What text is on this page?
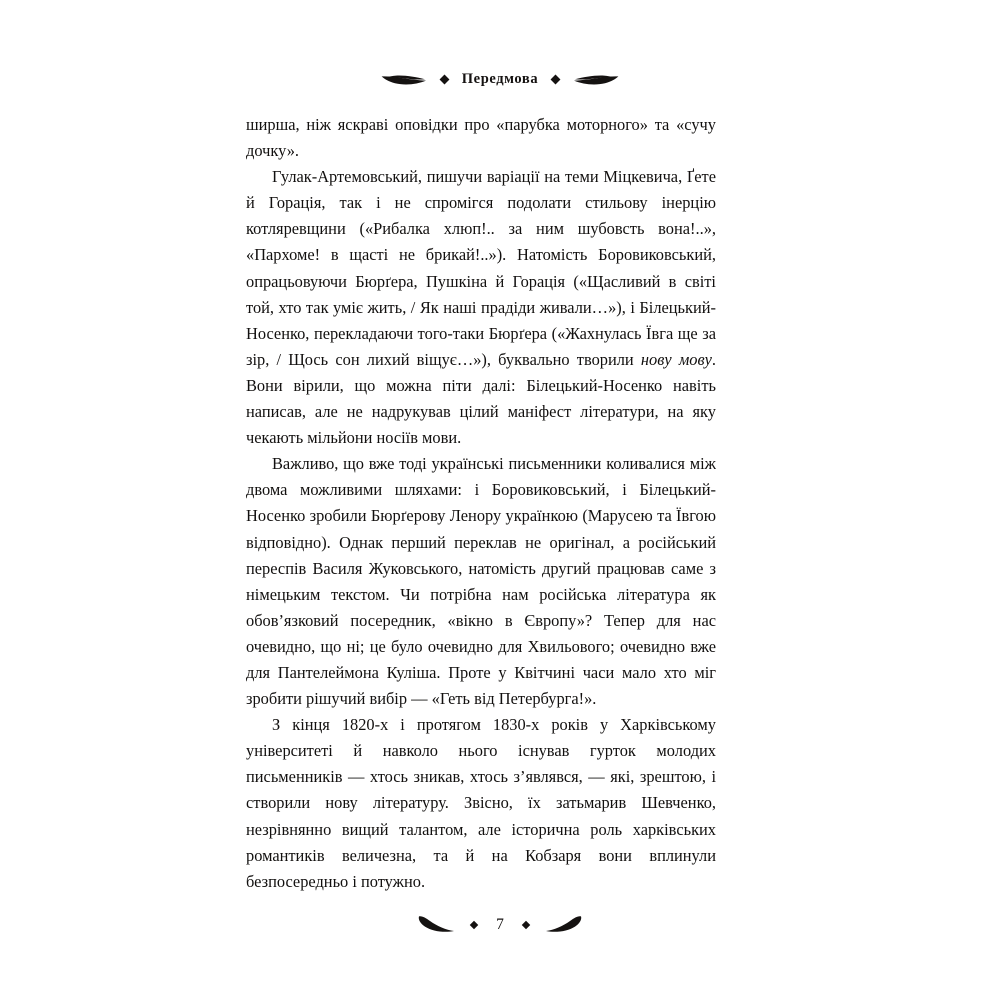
Передмова

ширша, ніж яскраві оповідки про «парубка моторного» та «сучу дочку».

Гулак-Артемовський, пишучи варіації на теми Міцкевича, Ґете й Горація, так і не спромігся подолати стильову інерцію котляревщини («Рибалка хлюп!.. за ним шубовсть вона!..», «Пархоме! в щасті не брикай!..»). Натомість Боровиковський, опрацьовуючи Бюрґера, Пушкіна й Горація («Щасливий в світі той, хто так уміє жить, / Як наші прадіди живали…»), і Білецький-Носенко, перекладаючи того-таки Бюрґера («Жахнулась Ївга ще за зір, / Щось сон лихий віщує…»), буквально творили нову мову. Вони вірили, що можна піти далі: Білецький-Носенко навіть написав, але не надрукував цілий маніфест літератури, на яку чекають мільйони носіїв мови.

Важливо, що вже тоді українські письменники коливалися між двома можливими шляхами: і Боровиковський, і Білецький-Носенко зробили Бюрґерову Ленору українкою (Марусею та Ївгою відповідно). Однак перший переклав не оригінал, а російський переспів Василя Жуковського, натомість другий працював саме з німецьким текстом. Чи потрібна нам російська література як обов’язковий посередник, «вікно в Європу»? Тепер для нас очевидно, що ні; це було очевидно для Хвильового; очевидно вже для Пантелеймона Куліша. Проте у Квітчині часи мало хто міг зробити рішучий вибір — «Геть від Петербурга!».

З кінця 1820-х і протягом 1830-х років у Харківському університеті й навколо нього існував гурток молодих письменників — хтось зникав, хтось з’являвся, — які, зрештою, і створили нову літературу. Звісно, їх затьмарив Шевченко, незрівнянно вищий талантом, але історична роль харківських романтиків величезна, та й на Кобзаря вони вплинули безпосередньо і потужно.

7
